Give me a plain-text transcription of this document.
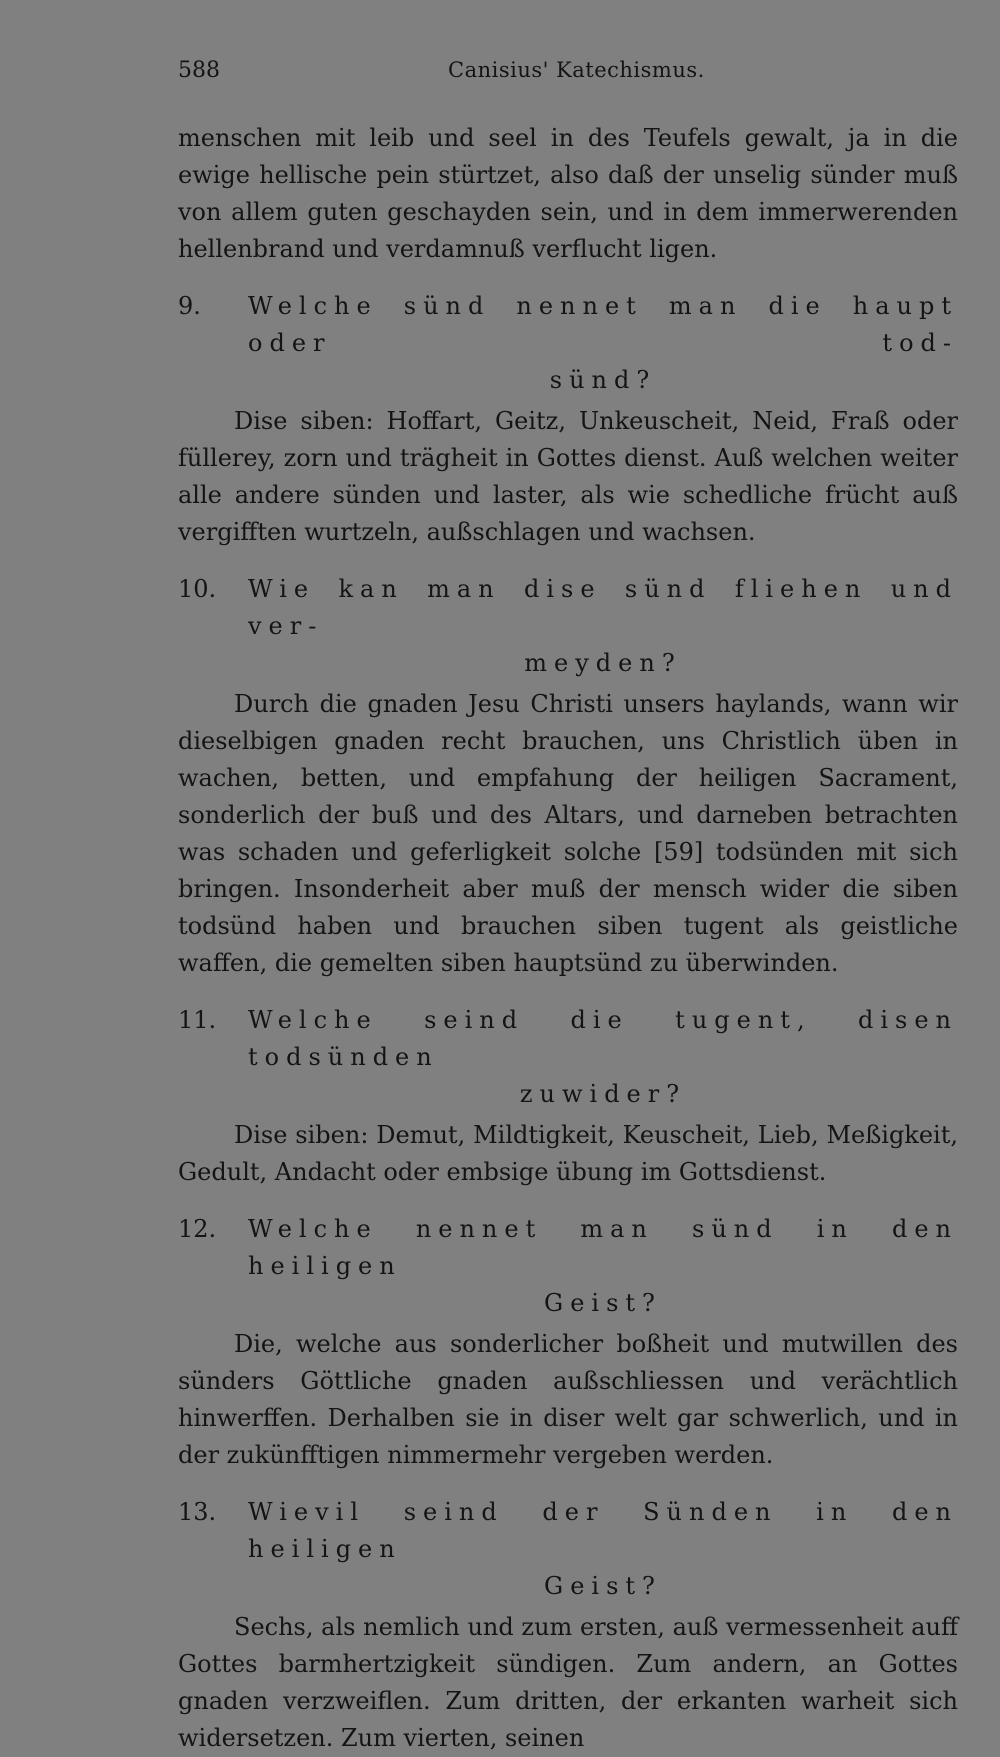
588	Canisius' Katechismus.

menschen mit leib und seel in des Teufels gewalt, ja in die ewige hellische pein stürtzet, also daß der unselig sünder muß von allem guten geschayden sein, und in dem immerwerenden hellenbrand und verdamnuß verflucht ligen.

9.	Welche sünd nennet man die haupt oder tod-
sünd?

Dise siben: Hoffart, Geitz, Unkeuscheit, Neid, Fraß oder füllerey, zorn und trägheit in Gottes dienst. Auß welchen weiter alle andere sünden und laster, als wie schedliche frücht auß vergifften wurtzeln, außschlagen und wachsen.

10.	Wie kan man dise sünd fliehen und ver-
meyden?

Durch die gnaden Jesu Christi unsers haylands, wann wir dieselbigen gnaden recht brauchen, uns Christlich üben in wachen, betten, und empfahung der heiligen Sacrament, sonderlich der buß und des Altars, und darneben betrachten was schaden und geferligkeit solche [59] todsünden mit sich bringen. Insonderheit aber muß der mensch wider die siben todsünd haben und brauchen siben tugent als geistliche waffen, die gemelten siben hauptsünd zu überwinden.

11.	Welche seind die tugent, disen todsünden
zuwider?

Dise siben: Demut, Mildtigkeit, Keuscheit, Lieb, Meßigkeit, Gedult, Andacht oder embsige übung im Gottsdienst.

12.	Welche nennet man sünd in den heiligen
Geist?

Die, welche aus sonderlicher boßheit und mutwillen des sünders Göttliche gnaden außschliessen und verächtlich hinwerffen. Derhalben sie in diser welt gar schwerlich, und in der zukünfftigen nimmermehr vergeben werden.

13.	Wievil seind der Sünden in den heiligen
Geist?

Sechs, als nemlich und zum ersten, auß vermessenheit auff Gottes barmhertzigkeit sündigen. Zum andern, an Gottes gnaden verzweiflen. Zum dritten, der erkanten warheit sich widersetzen. Zum vierten, seinen
